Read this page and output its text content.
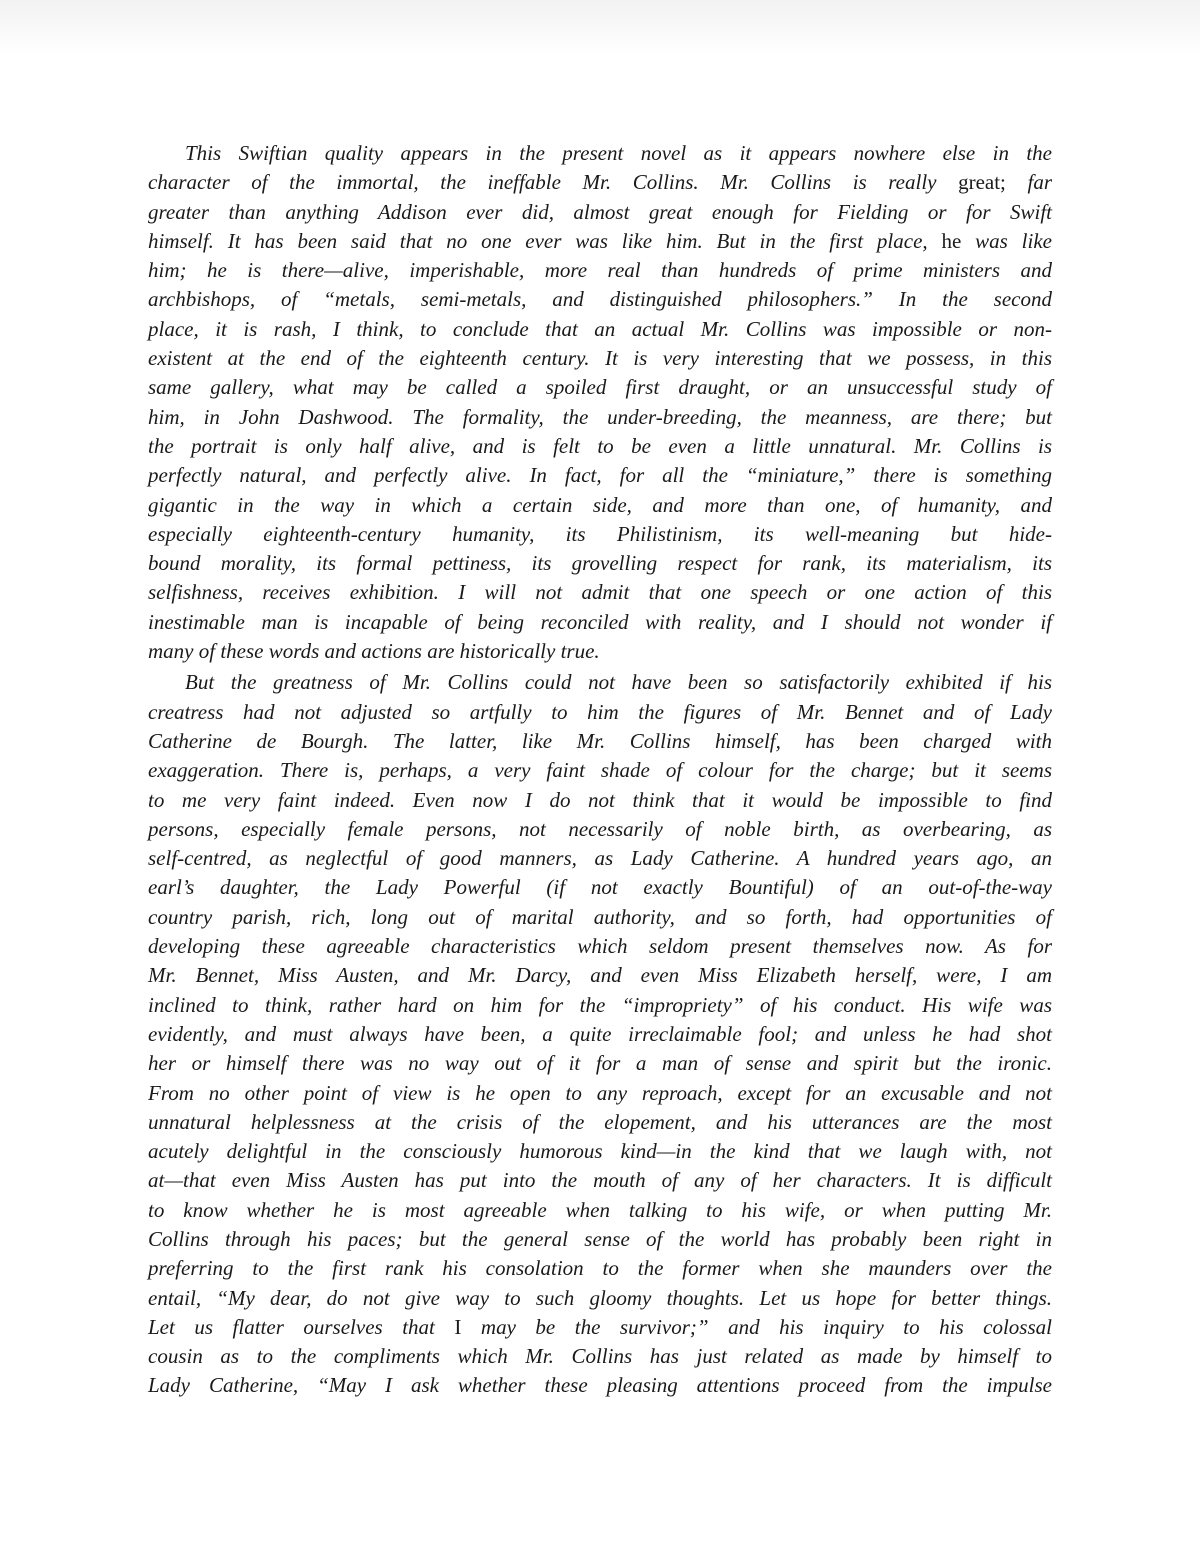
This Swiftian quality appears in the present novel as it appears nowhere else in the
character of the immortal, the ineffable Mr. Collins. Mr. Collins is really great; far
greater than anything Addison ever did, almost great enough for Fielding or for Swift
himself. It has been said that no one ever was like him. But in the first place, he was like
him; he is there—alive, imperishable, more real than hundreds of prime ministers and
archbishops, of “metals, semi-metals, and distinguished philosophers.” In the second
place, it is rash, I think, to conclude that an actual Mr. Collins was impossible or non-
existent at the end of the eighteenth century. It is very interesting that we possess, in this
same gallery, what may be called a spoiled first draught, or an unsuccessful study of
him, in John Dashwood. The formality, the under-breeding, the meanness, are there; but
the portrait is only half alive, and is felt to be even a little unnatural. Mr. Collins is
perfectly natural, and perfectly alive. In fact, for all the “miniature,” there is something
gigantic in the way in which a certain side, and more than one, of humanity, and
especially eighteenth-century humanity, its Philistinism, its well-meaning but hide-
bound morality, its formal pettiness, its grovelling respect for rank, its materialism, its
selfishness, receives exhibition. I will not admit that one speech or one action of this
inestimable man is incapable of being reconciled with reality, and I should not wonder if
many of these words and actions are historically true.
But the greatness of Mr. Collins could not have been so satisfactorily exhibited if his
creatress had not adjusted so artfully to him the figures of Mr. Bennet and of Lady
Catherine de Bourgh. The latter, like Mr. Collins himself, has been charged with
exaggeration. There is, perhaps, a very faint shade of colour for the charge; but it seems
to me very faint indeed. Even now I do not think that it would be impossible to find
persons, especially female persons, not necessarily of noble birth, as overbearing, as
self-centred, as neglectful of good manners, as Lady Catherine. A hundred years ago, an
earl’s daughter, the Lady Powerful (if not exactly Bountiful) of an out-of-the-way
country parish, rich, long out of marital authority, and so forth, had opportunities of
developing these agreeable characteristics which seldom present themselves now. As for
Mr. Bennet, Miss Austen, and Mr. Darcy, and even Miss Elizabeth herself, were, I am
inclined to think, rather hard on him for the “impropriety” of his conduct. His wife was
evidently, and must always have been, a quite irreclaimable fool; and unless he had shot
her or himself there was no way out of it for a man of sense and spirit but the ironic.
From no other point of view is he open to any reproach, except for an excusable and not
unnatural helplessness at the crisis of the elopement, and his utterances are the most
acutely delightful in the consciously humorous kind—in the kind that we laugh with, not
at—that even Miss Austen has put into the mouth of any of her characters. It is difficult
to know whether he is most agreeable when talking to his wife, or when putting Mr.
Collins through his paces; but the general sense of the world has probably been right in
preferring to the first rank his consolation to the former when she maunders over the
entail, “My dear, do not give way to such gloomy thoughts. Let us hope for better things.
Let us flatter ourselves that I may be the survivor;” and his inquiry to his colossal
cousin as to the compliments which Mr. Collins has just related as made by himself to
Lady Catherine, “May I ask whether these pleasing attentions proceed from the impulse
